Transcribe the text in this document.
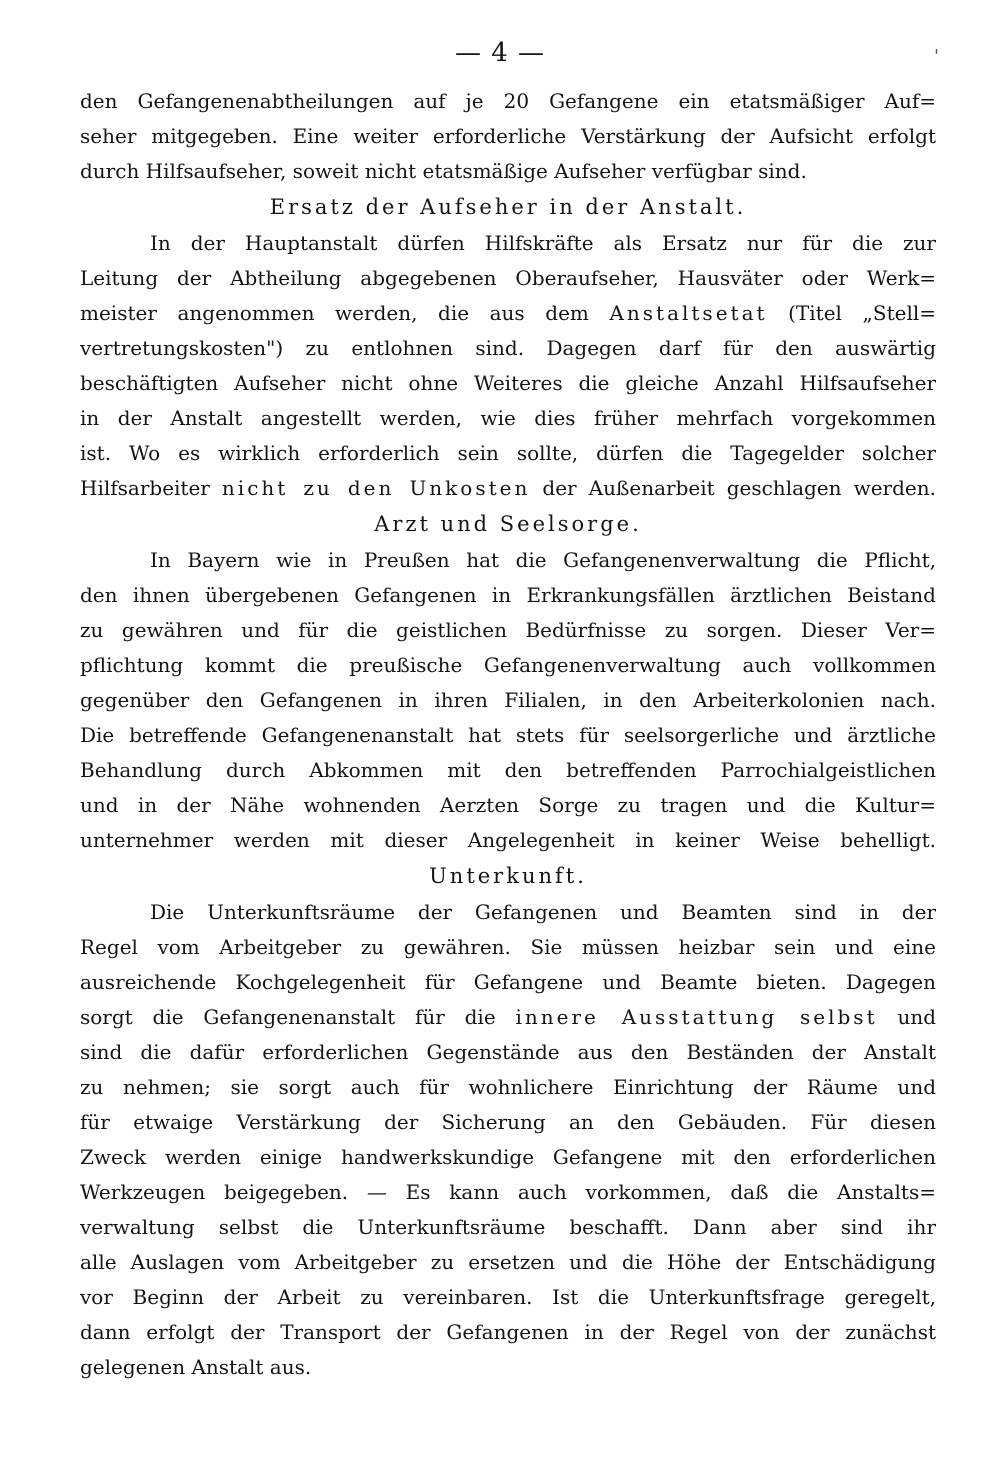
— 4 —	'

den Gefangenenabtheilungen auf je 20 Gefangene ein etatsmäßiger Auf=

seher mitgegeben. Eine weiter erforderliche Verstärkung der Aufsicht erfolgt

durch Hilfsaufseher, soweit nicht etatsmäßige Aufseher verfügbar sind.

Ersatz der Aufseher in der Anstalt.

In der Hauptanstalt dürfen Hilfskräfte als Ersatz nur für die zur

Leitung der Abtheilung abgegebenen Oberaufseher, Hausväter oder Werk=

meister angenommen werden, die aus dem Anstaltsetat (Titel „Stell=

vertretungskosten") zu entlohnen sind. Dagegen darf für den auswärtig

beschäftigten Aufseher nicht ohne Weiteres die gleiche Anzahl Hilfsaufseher

in der Anstalt angestellt werden, wie dies früher mehrfach vorgekommen

ist. Wo es wirklich erforderlich sein sollte, dürfen die Tagegelder solcher

Hilfsarbeiter nicht zu den Unkosten der Außenarbeit geschlagen werden.

Arzt und Seelsorge.

In Bayern wie in Preußen hat die Gefangenenverwaltung die Pflicht,

den ihnen übergebenen Gefangenen in Erkrankungsfällen ärztlichen Beistand

zu gewähren und für die geistlichen Bedürfnisse zu sorgen. Dieser Ver=

pflichtung kommt die preußische Gefangenenverwaltung auch vollkommen

gegenüber den Gefangenen in ihren Filialen, in den Arbeiterkolonien nach.

Die betreffende Gefangenenanstalt hat stets für seelsorgerliche und ärztliche

Behandlung durch Abkommen mit den betreffenden Parrochialgeistlichen

und in der Nähe wohnenden Aerzten Sorge zu tragen und die Kultur=

unternehmer werden mit dieser Angelegenheit in keiner Weise behelligt.

Unterkunft.

Die Unterkunftsräume der Gefangenen und Beamten sind in der

Regel vom Arbeitgeber zu gewähren. Sie müssen heizbar sein und eine

ausreichende Kochgelegenheit für Gefangene und Beamte bieten. Dagegen

sorgt die Gefangenenanstalt für die innere Ausstattung selbst und

sind die dafür erforderlichen Gegenstände aus den Beständen der Anstalt

zu nehmen; sie sorgt auch für wohnlichere Einrichtung der Räume und

für etwaige Verstärkung der Sicherung an den Gebäuden. Für diesen

Zweck werden einige handwerkskundige Gefangene mit den erforderlichen

Werkzeugen beigegeben. — Es kann auch vorkommen, daß die Anstalts=

verwaltung selbst die Unterkunftsräume beschafft. Dann aber sind ihr

alle Auslagen vom Arbeitgeber zu ersetzen und die Höhe der Entschädigung

vor Beginn der Arbeit zu vereinbaren. Ist die Unterkunftsfrage geregelt,

dann erfolgt der Transport der Gefangenen in der Regel von der zunächst

gelegenen Anstalt aus.
